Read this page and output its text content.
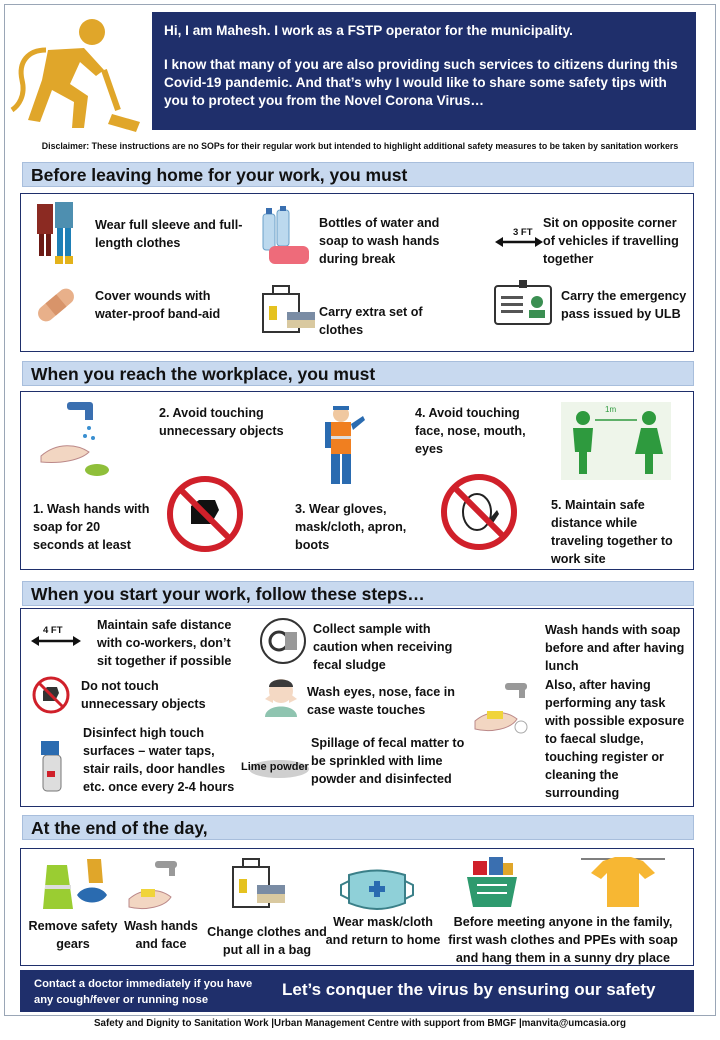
Hi, I am Mahesh. I work as a FSTP operator for the municipality.

I know that many of you are also providing such services to citizens during this Covid-19 pandemic. And that’s why I would like to share some safety tips with you to protect you from the Novel Corona Virus…

Disclaimer: These instructions are no SOPs for their regular work but intended to highlight additional safety measures to be taken by sanitation workers
Before leaving home for your work, you must
Wear full sleeve and full-length clothes
Bottles of water and soap to wash hands during break
3 FT
Sit on opposite corner of vehicles if travelling together
Cover wounds with water-proof band-aid	Carry extra set of clothes
Carry the emergency pass issued by ULB
When you reach the workplace, you must
1. Wash hands with soap for 20 seconds at least
2. Avoid touching unnecessary objects
3. Wear gloves, mask/cloth, apron, boots
4. Avoid touching face, nose, mouth, eyes
1m
5. Maintain safe distance while traveling together to work site
When you start your work, follow these steps…
4 FT	Maintain safe distance with co-workers, don’t sit together if possible
Do not touch unnecessary objects
Disinfect high touch surfaces – water taps, stair rails, door handles etc. once every 2-4 hours
Collect sample with caution when receiving fecal sludge
Wash eyes, nose, face in case waste touches
Lime powder
Spillage of fecal matter to be sprinkled with lime powder and disinfected
Wash hands with soap before and after having lunch
Also, after having performing any task with possible exposure to faecal sludge, touching register or cleaning the surrounding
At the end of the day,
Remove safety gears
Wash hands and face
Change clothes and put all in a bag
Wear mask/cloth and return to home
Before meeting anyone in the family, first wash clothes and PPEs with soap and hang them in a sunny dry place
Contact a doctor immediately if you have any cough/fever or running nose
Let’s conquer the virus by ensuring our safety
Safety and Dignity to Sanitation Work |Urban Management Centre with support from BMGF |manvita@umcasia.org
